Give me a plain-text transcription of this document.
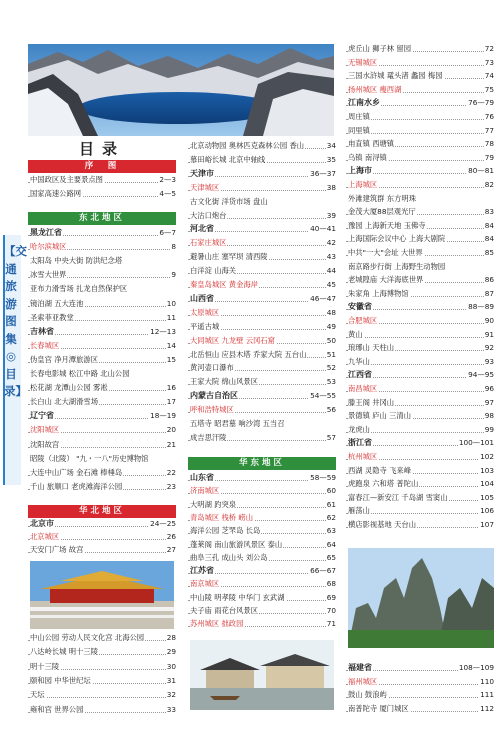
【交通旅游图集◎目录】
目录
中国政区及主要景点图	2—3
国家高速公路网	4—5
黑龙江省	6—7
哈尔滨城区	8
太阳岛 中央大街 防洪纪念塔
冰雪大世界	9
亚布力滑雪场 扎龙自然保护区
镜泊湖 五大连池	10
圣索菲亚教堂	11
吉林省	12—13
长春城区	14
伪皇宫 净月潭旅游区	15
长春电影城 松江中路 北山公园
松花湖 龙潭山公园 雾凇	16
长白山 北大湖滑雪场	17
辽宁省	18—19
沈阳城区	20
沈阳故宫	21
昭陵（北陵） "九・一八"历史博物馆
大连中山广场 金石滩 棒棰岛	22
千山 旅顺口 老虎滩海洋公园	23
北京市	24—25
北京城区	26
天安门广场 故宫	27
中山公园 劳动人民文化宫 北海公园	28
八达岭长城 明十三陵	29
明十三陵	30
颐和园 中华世纪坛	31
天坛	32
雍和宫 世界公园	33
北京动物园 奥林匹克森林公园 香山	34
慕田峪长城 北京中轴线	35
天津市	36—37
天津城区	38
古文化街 洋货市场 盘山
大沽口炮台	39
河北省	40—41
石家庄城区	42
避暑山庄 塞罕坝 清西陵	43
白洋淀 山海关	44
秦皇岛城区 黄金海岸	45
山西省	46—47
太原城区	48
平遥古城	49
大同城区 九龙壁 云冈石窟	50
北岳恒山 应县木塔 乔家大院 五台山	51
黄河壶口瀑布	52
王家大院 绵山风景区	53
内蒙古自治区	54—55
呼和浩特城区	56
五塔寺 昭君墓 响沙湾 五当召
成吉思汗陵	57
山东省	58—59
济南城区	60
大明湖 趵突泉	61
青岛城区 栈桥 崂山	62
海洋公园 芝罘岛 长岛	63
蓬莱阁 南山旅游风景区 泰山	64
曲阜三孔 成山头 刘公岛	65
江苏省	66—67
南京城区	68
中山陵 明孝陵 中华门 玄武湖	69
夫子庙 雨花台风景区	70
苏州城区 拙政园	71
虎丘山 狮子林 留园	72
无锡城区	73
三国水浒城 鼋头渚 蠡园 梅园	74
扬州城区 瘦西湖	75
江南水乡	76—79
周庄镇	76
同里镇	77
甪直镇 西塘镇	78
乌镇 南浔镇	79
上海市	80—81
上海城区	82
外滩建筑群 东方明珠
金茂大厦88层观光厅	83
豫园 上海新天地 玉佛寺	84
上海国际会议中心 上海大剧院	84
中共"一大"会址 大世界	85
南京路步行街 上海野生动物园
老城隍庙 大洋海底世界	86
朱家角 上海博物馆	87
安徽省	88—89
合肥城区	90
黄山	91
琅琊山 天柱山	92
九华山	93
江西省	94—95
南昌城区	96
滕王阁 井冈山	97
景德镇 庐山 三清山	98
龙虎山	99
浙江省	100—101
杭州城区	102
西湖 灵隐寺 飞来峰	103
虎跑泉 六和塔 普陀山	104
富春江—新安江 千岛湖 雪窦山	105
雁荡山	106
横店影视基地 天台山	107
福建省	108—109
福州城区	110
鼓山 鼓浪屿	111
南普陀寺 厦门城区	112
序　图
东北地区
华北地区
华东地区
